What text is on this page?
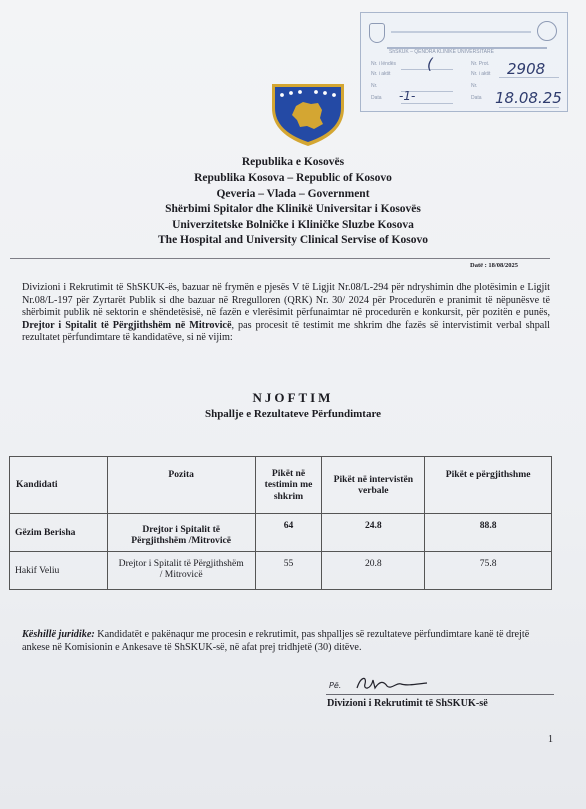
ShSKUK – QENDRA KLINIKE UNIVERSITARE
Nr. i lëndës
Nr. i aktit
Nr.
Data
Nr. Prot.
Nr. i aktit
Nr.
Data
(
-1-
2908
18.08.25
Republika e Kosovës
Republika Kosova – Republic of Kosovo
Qeveria – Vlada – Government
Shërbimi Spitalor dhe Klinikë Universitar i Kosovës
Univerzitetske Bolničke i Kliničke Sluzbe Kosova
The Hospital and University Clinical Servise of Kosovo
Datë : 18/08/2025
Divizioni i Rekrutimit të ShSKUK-ës, bazuar në frymën e pjesës V të Ligjit Nr.08/L-294 për ndryshimin dhe plotësimin e Ligjit Nr.08/L-197 për Zyrtarët Publik si dhe bazuar në Rregulloren (QRK) Nr. 30/ 2024 për Procedurën e pranimit të nëpunësve të shërbimit publik në sektorin e shëndetësisë, në fazën e vlerësimit përfunaimtar në procedurën e konkursit, për pozitën e punës, Drejtor i Spitalit të Përgjithshëm në Mitrovicë, pas procesit të testimit me shkrim dhe fazës së intervistimit verbal shpall rezultatet përfundimtare të kandidatëve, si në vijim:
NJOFTIM
Shpallje e Rezultateve Përfundimtare
Kandidati	Pozita	Pikët në testimin me shkrim	Pikët në intervistën verbale	Pikët e përgjithshme
Gëzim Berisha	Drejtor i Spitalit të Përgjithshëm /Mitrovicë	64	24.8	88.8
Hakif Veliu	Drejtor i Spitalit të Përgjithshëm / Mitrovicë	55	20.8	75.8
Këshillë juridike: Kandidatët e pakënaqur me procesin e rekrutimit, pas shpalljes së rezultateve përfundimtare kanë të drejtë ankese në Komisionin e Ankesave të ShSKUK-së, në afat prej tridhjetë (30) ditëve.
Pë.
Divizioni i Rekrutimit të ShSKUK-së
1
